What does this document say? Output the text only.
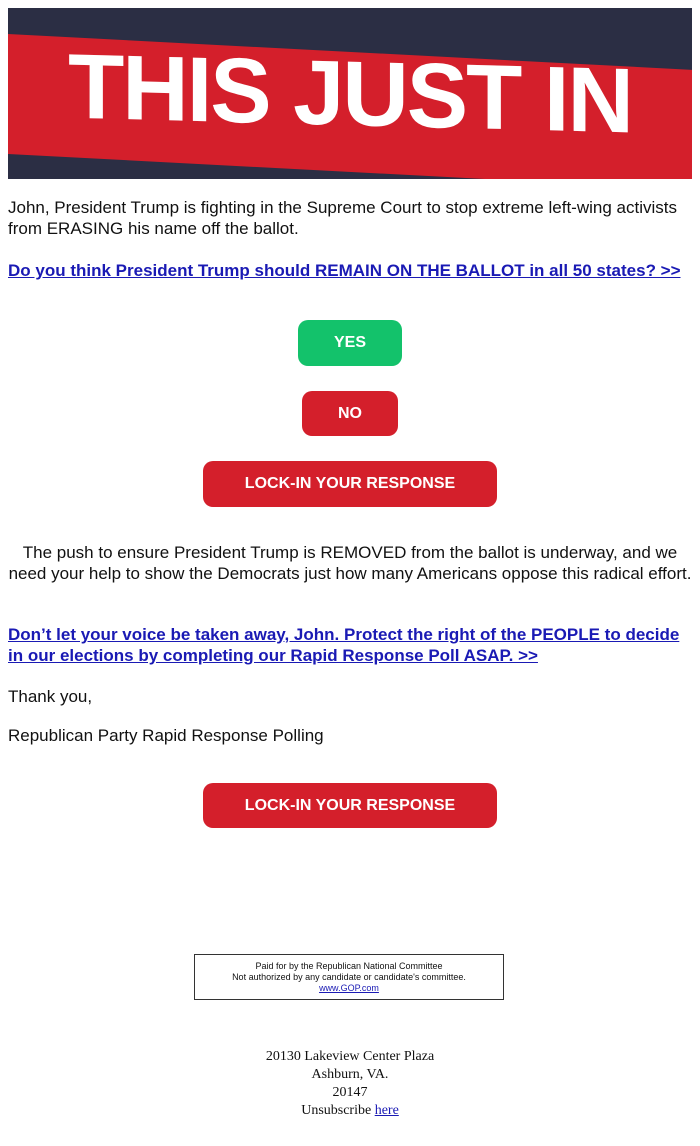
THIS JUST IN

John, President Trump is fighting in the Supreme Court to stop extreme left-wing activists from ERASING his name off the ballot.

Do you think President Trump should REMAIN ON THE BALLOT in all 50 states? >>

YES
NO
LOCK-IN YOUR RESPONSE

The push to ensure President Trump is REMOVED from the ballot is underway, and we need your help to show the Democrats just how many Americans oppose this radical effort.

Don’t let your voice be taken away, John. Protect the right of the PEOPLE to decide in our elections by completing our Rapid Response Poll ASAP. >>

Thank you,

Republican Party Rapid Response Polling

LOCK-IN YOUR RESPONSE
Paid for by the Republican National Committee
Not authorized by any candidate or candidate's committee.
www.GOP.com
20130 Lakeview Center Plaza
Ashburn, VA.
20147
Unsubscribe here
